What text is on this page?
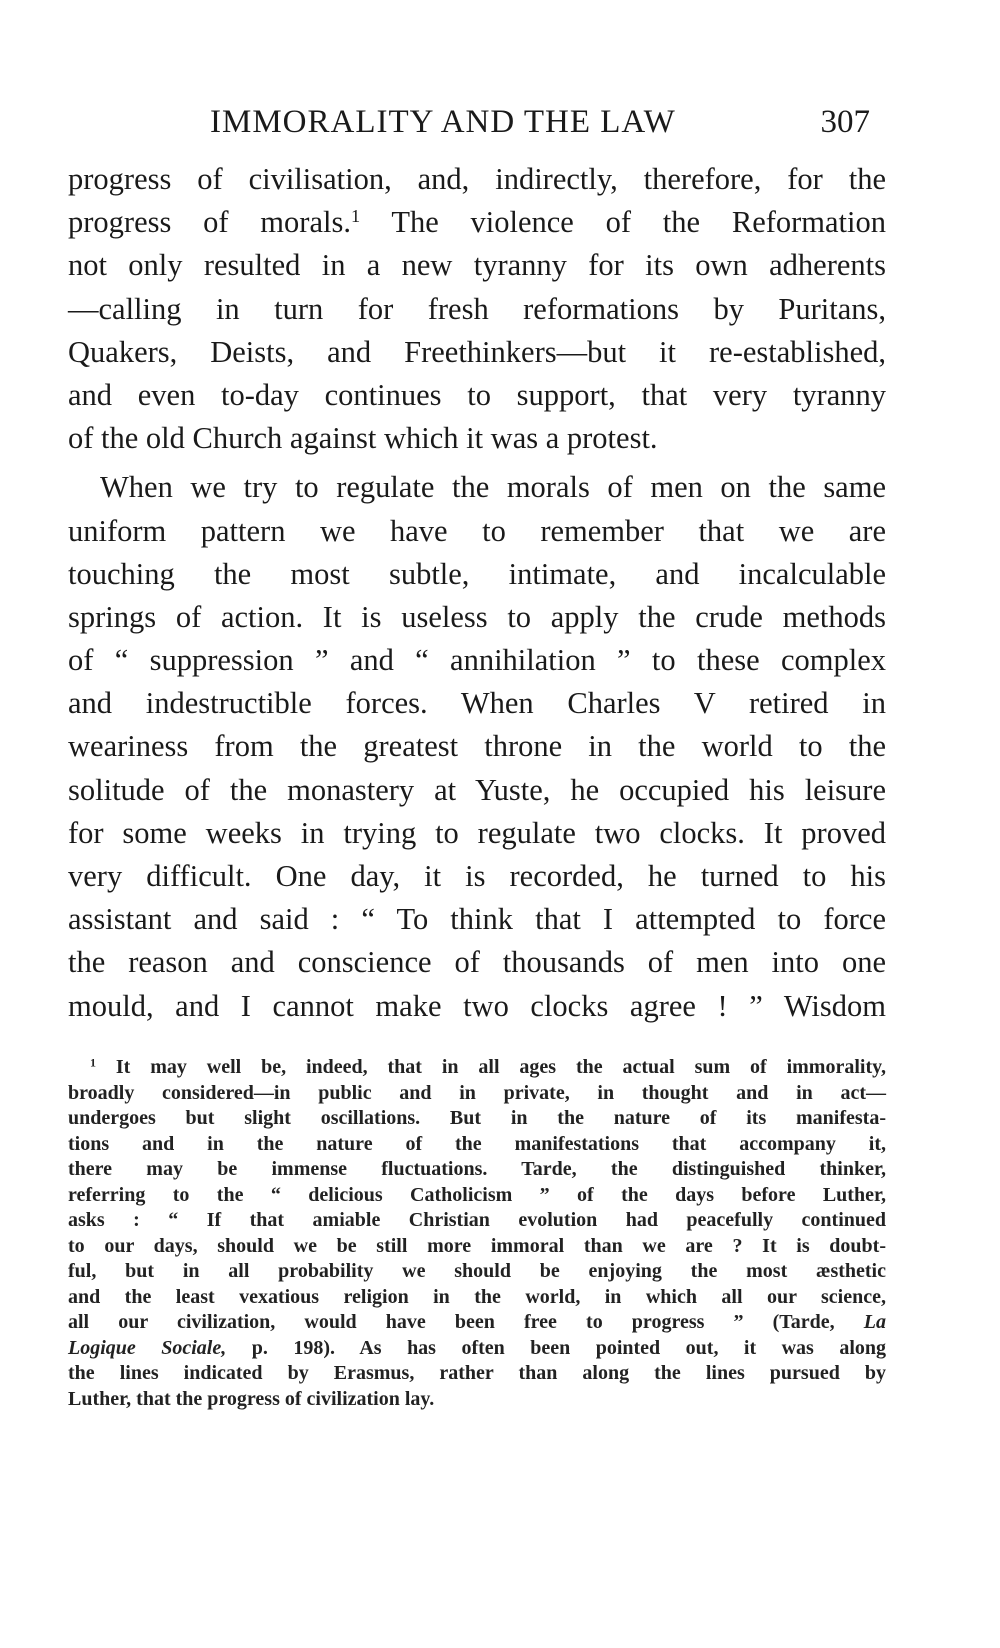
IMMORALITY AND THE LAW	307
progress of civilisation, and, indirectly, therefore, for the
progress of morals.$^1$ The violence of the Reformation
not only resulted in a new tyranny for its own adherents
—calling in turn for fresh reformations by Puritans,
Quakers, Deists, and Freethinkers—but it re-established,
and even to-day continues to support, that very tyranny
of the old Church against which it was a protest.
When we try to regulate the morals of men on the same
uniform pattern we have to remember that we are
touching the most subtle, intimate, and incalculable
springs of action. It is useless to apply the crude methods
of “ suppression ” and “ annihilation ” to these complex
and indestructible forces. When Charles V retired in
weariness from the greatest throne in the world to the
solitude of the monastery at Yuste, he occupied his leisure
for some weeks in trying to regulate two clocks. It proved
very difficult. One day, it is recorded, he turned to his
assistant and said : “ To think that I attempted to force
the reason and conscience of thousands of men into one
mould, and I cannot make two clocks agree ! ” Wisdom
$^1$ It may well be, indeed, that in all ages the actual sum of immorality,
broadly considered—in public and in private, in thought and in act—
undergoes but slight oscillations. But in the nature of its manifesta-
tions and in the nature of the manifestations that accompany it,
there may be immense fluctuations. Tarde, the distinguished thinker,
referring to the “ delicious Catholicism ” of the days before Luther,
asks : “ If that amiable Christian evolution had peacefully continued
to our days, should we be still more immoral than we are ? It is doubt-
ful, but in all probability we should be enjoying the most æsthetic
and the least vexatious religion in the world, in which all our science,
all our civilization, would have been free to progress ” (Tarde, La
Logique Sociale, p. 198). As has often been pointed out, it was along
the lines indicated by Erasmus, rather than along the lines pursued by
Luther, that the progress of civilization lay.
